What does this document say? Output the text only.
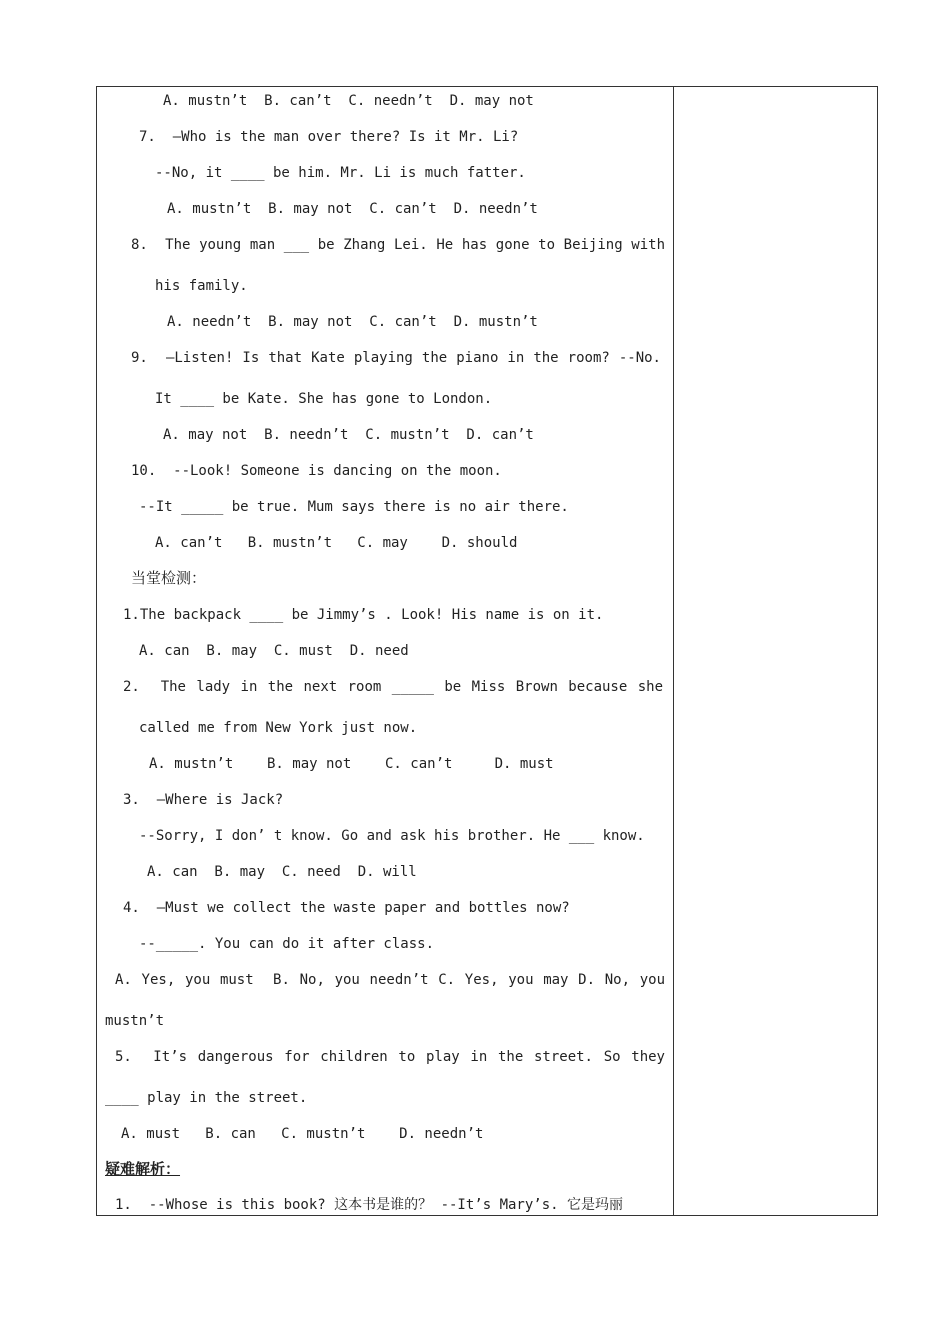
A. mustn’t  B. can’t  C. needn’t  D. may not
7.  –Who is the man over there? Is it Mr. Li?
--No, it ____ be him. Mr. Li is much fatter.
A. mustn’t  B. may not  C. can’t  D. needn’t
8.  The young man ___ be Zhang Lei. He has gone to Beijing with
his family.
A. needn’t  B. may not  C. can’t  D. mustn’t
9.  –Listen! Is that Kate playing the piano in the room? --No.
It ____ be Kate. She has gone to London.
A. may not  B. needn’t  C. mustn’t  D. can’t
10.  --Look! Someone is dancing on the moon.
--It _____ be true. Mum says there is no air there.
A. can’t   B. mustn’t   C. may    D. should
当堂检测：
1.The backpack ____ be Jimmy’s . Look! His name is on it.
A. can  B. may  C. must  D. need
2.  The lady in the next room _____ be Miss Brown because she
called me from New York just now.
A. mustn’t    B. may not    C. can’t     D. must
3.  –Where is Jack?
--Sorry, I don’ t know. Go and ask his brother. He ___ know.
A. can  B. may  C. need  D. will
4.  –Must we collect the waste paper and bottles now?
--_____. You can do it after class.
A. Yes, you must  B. No, you needn’t C. Yes, you may D. No, you
mustn’t
5.  It’s dangerous for children to play in the street. So they
____ play in the street.
A. must   B. can   C. mustn’t    D. needn’t
疑难解析：
1.  --Whose is this book? 这本书是谁的？ --It’s Mary’s. 它是玛丽
